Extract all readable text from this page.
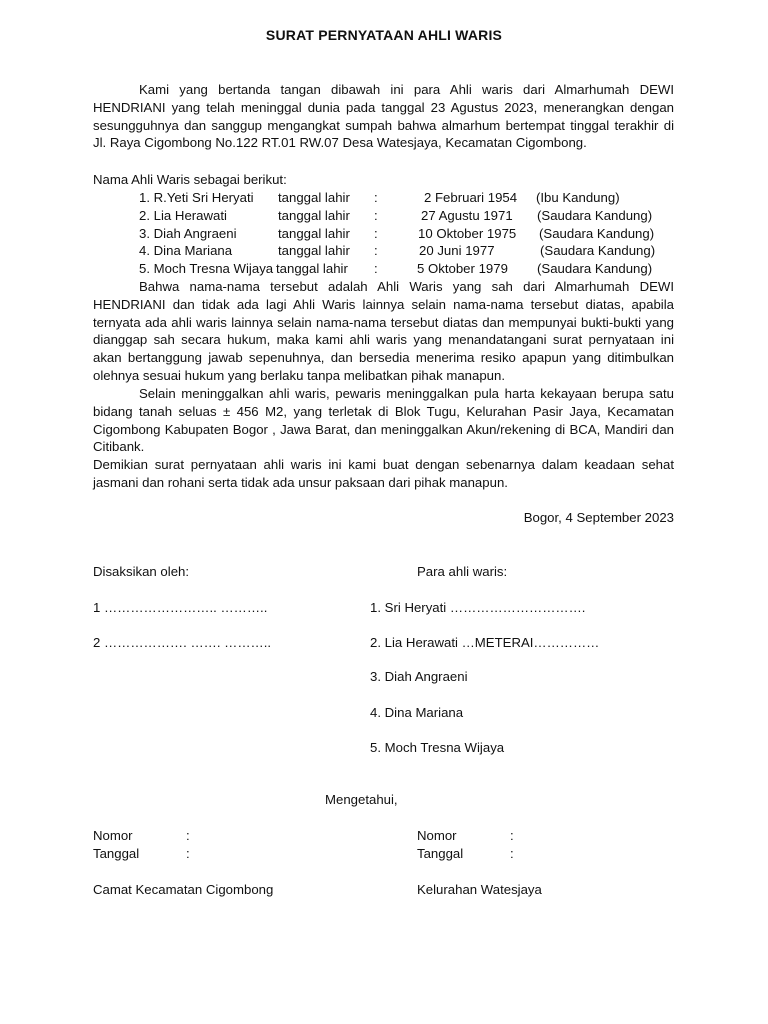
SURAT PERNYATAAN AHLI WARIS
Kami yang bertanda tangan dibawah ini para Ahli waris dari Almarhumah DEWI HENDRIANI yang telah meninggal dunia pada tanggal 23 Agustus 2023, menerangkan dengan sesungguhnya dan sanggup mengangkat sumpah bahwa almarhum bertempat tinggal terakhir di Jl. Raya Cigombong No.122 RT.01 RW.07 Desa Watesjaya, Kecamatan Cigombong.
Nama Ahli Waris sebagai berikut:
1. R.Yeti Sri Heryati tanggal lahir :	2 Februari 1954 (Ibu Kandung)
2. Lia Herawati	tanggal lahir :	27 Agustu 1971 (Saudara Kandung)
3. Diah Angraeni	tanggal lahir :	10 Oktober 1975 (Saudara Kandung)
4. Dina Mariana	tanggal lahir :	20 Juni 1977	(Saudara Kandung)
5. Moch Tresna Wijaya tanggal lahir :	5 Oktober 1979 (Saudara Kandung)
Bahwa nama-nama tersebut adalah Ahli Waris yang sah dari Almarhumah DEWI HENDRIANI dan tidak ada lagi Ahli Waris lainnya selain nama-nama tersebut diatas, apabila ternyata ada ahli waris lainnya selain nama-nama tersebut diatas dan mempunyai bukti-bukti yang dianggap sah secara hukum, maka kami ahli waris yang menandatangani surat pernyataan ini akan bertanggung jawab sepenuhnya, dan bersedia menerima resiko apapun yang ditimbulkan olehnya sesuai hukum yang berlaku tanpa melibatkan pihak manapun.
Selain meninggalkan ahli waris, pewaris meninggalkan pula harta kekayaan berupa satu bidang tanah seluas ± 456 M2, yang terletak di Blok Tugu, Kelurahan Pasir Jaya, Kecamatan Cigombong Kabupaten Bogor , Jawa Barat, dan meninggalkan Akun/rekening di BCA, Mandiri dan Citibank.
Demikian surat pernyataan ahli waris ini kami buat dengan sebenarnya dalam keadaan sehat jasmani dan rohani serta tidak ada unsur paksaan dari pihak manapun.
Bogor, 4 September 2023
Disaksikan oleh:
1 …………………….. ………..
2 ………………. ……. ………..
Para ahli waris:
1. Sri Heryati ………………………….
2. Lia Herawati …METERAI……………
3. Diah Angraeni
4. Dina Mariana
5. Moch Tresna Wijaya
Mengetahui,
Nomor	:
Tanggal	:
Camat Kecamatan Cigombong
Nomor	:
Tanggal	:
Kelurahan Watesjaya
